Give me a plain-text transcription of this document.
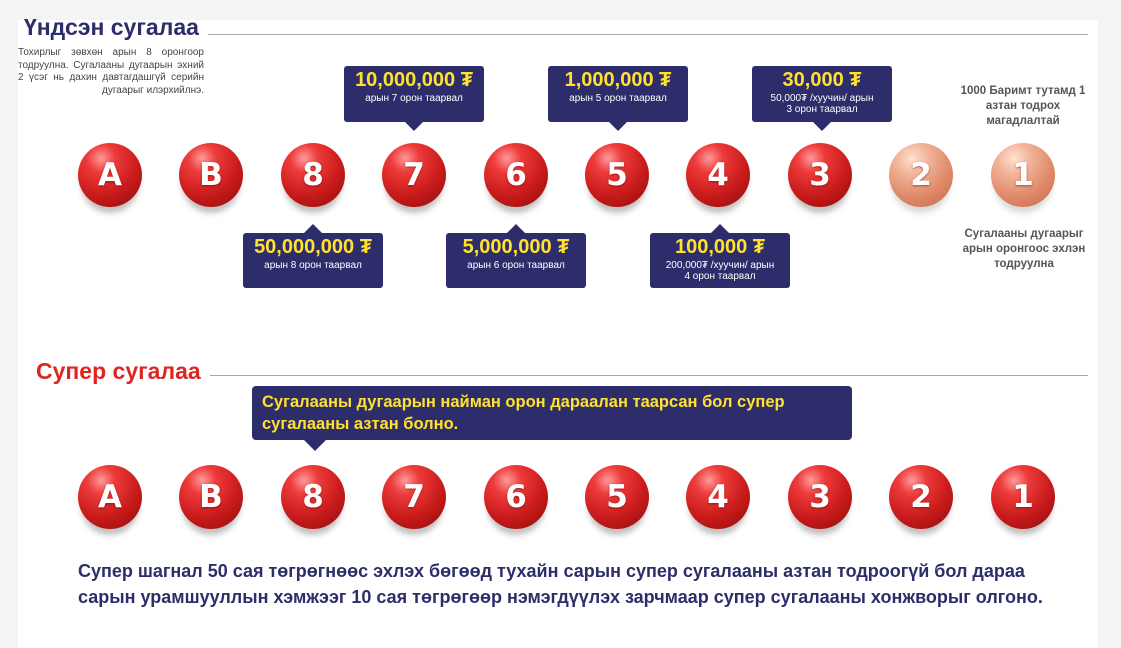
Үндсэн сугалаа

Тохирлыг зөвхөн арын 8 оронгоор тодруулна. Сугалааны дугаарын эхний 2 үсэг нь дахин давтагдашгүй серийн дугаарыг илэрхийлнэ.	10,000,000 ₮
арын 7 орон таарвал
1,000,000 ₮
арын 5 орон таарвал
30,000 ₮
50,000₮ /хуучин/ арын 3 орон таарвал

1000 Баримт тутамд 1 азтан тодрох магадлалтай

A	B	8	7	6	5	4	3	2	1
50,000,000 ₮
арын 8 орон таарвал
5,000,000 ₮
арын 6 орон таарвал
100,000 ₮
200,000₮ /хуучин/ арын 4 орон таарвал

Сугалааны дугаарыг арын оронгоос эхлэн тодруулна

Супер сугалаа
Сугалааны дугаарын найман орон дараалан таарсан бол супер сугалааны азтан болно.
A	B	8	7	6	5	4	3	2	1

Супер шагнал 50 сая төгрөгнөөс эхлэх бөгөөд тухайн сарын супер сугалааны азтан тодроогүй бол дараа сарын урамшууллын хэмжээг 10 сая төгрөгөөр нэмэгдүүлэх зарчмаар супер сугалааны хонжворыг олгоно.
